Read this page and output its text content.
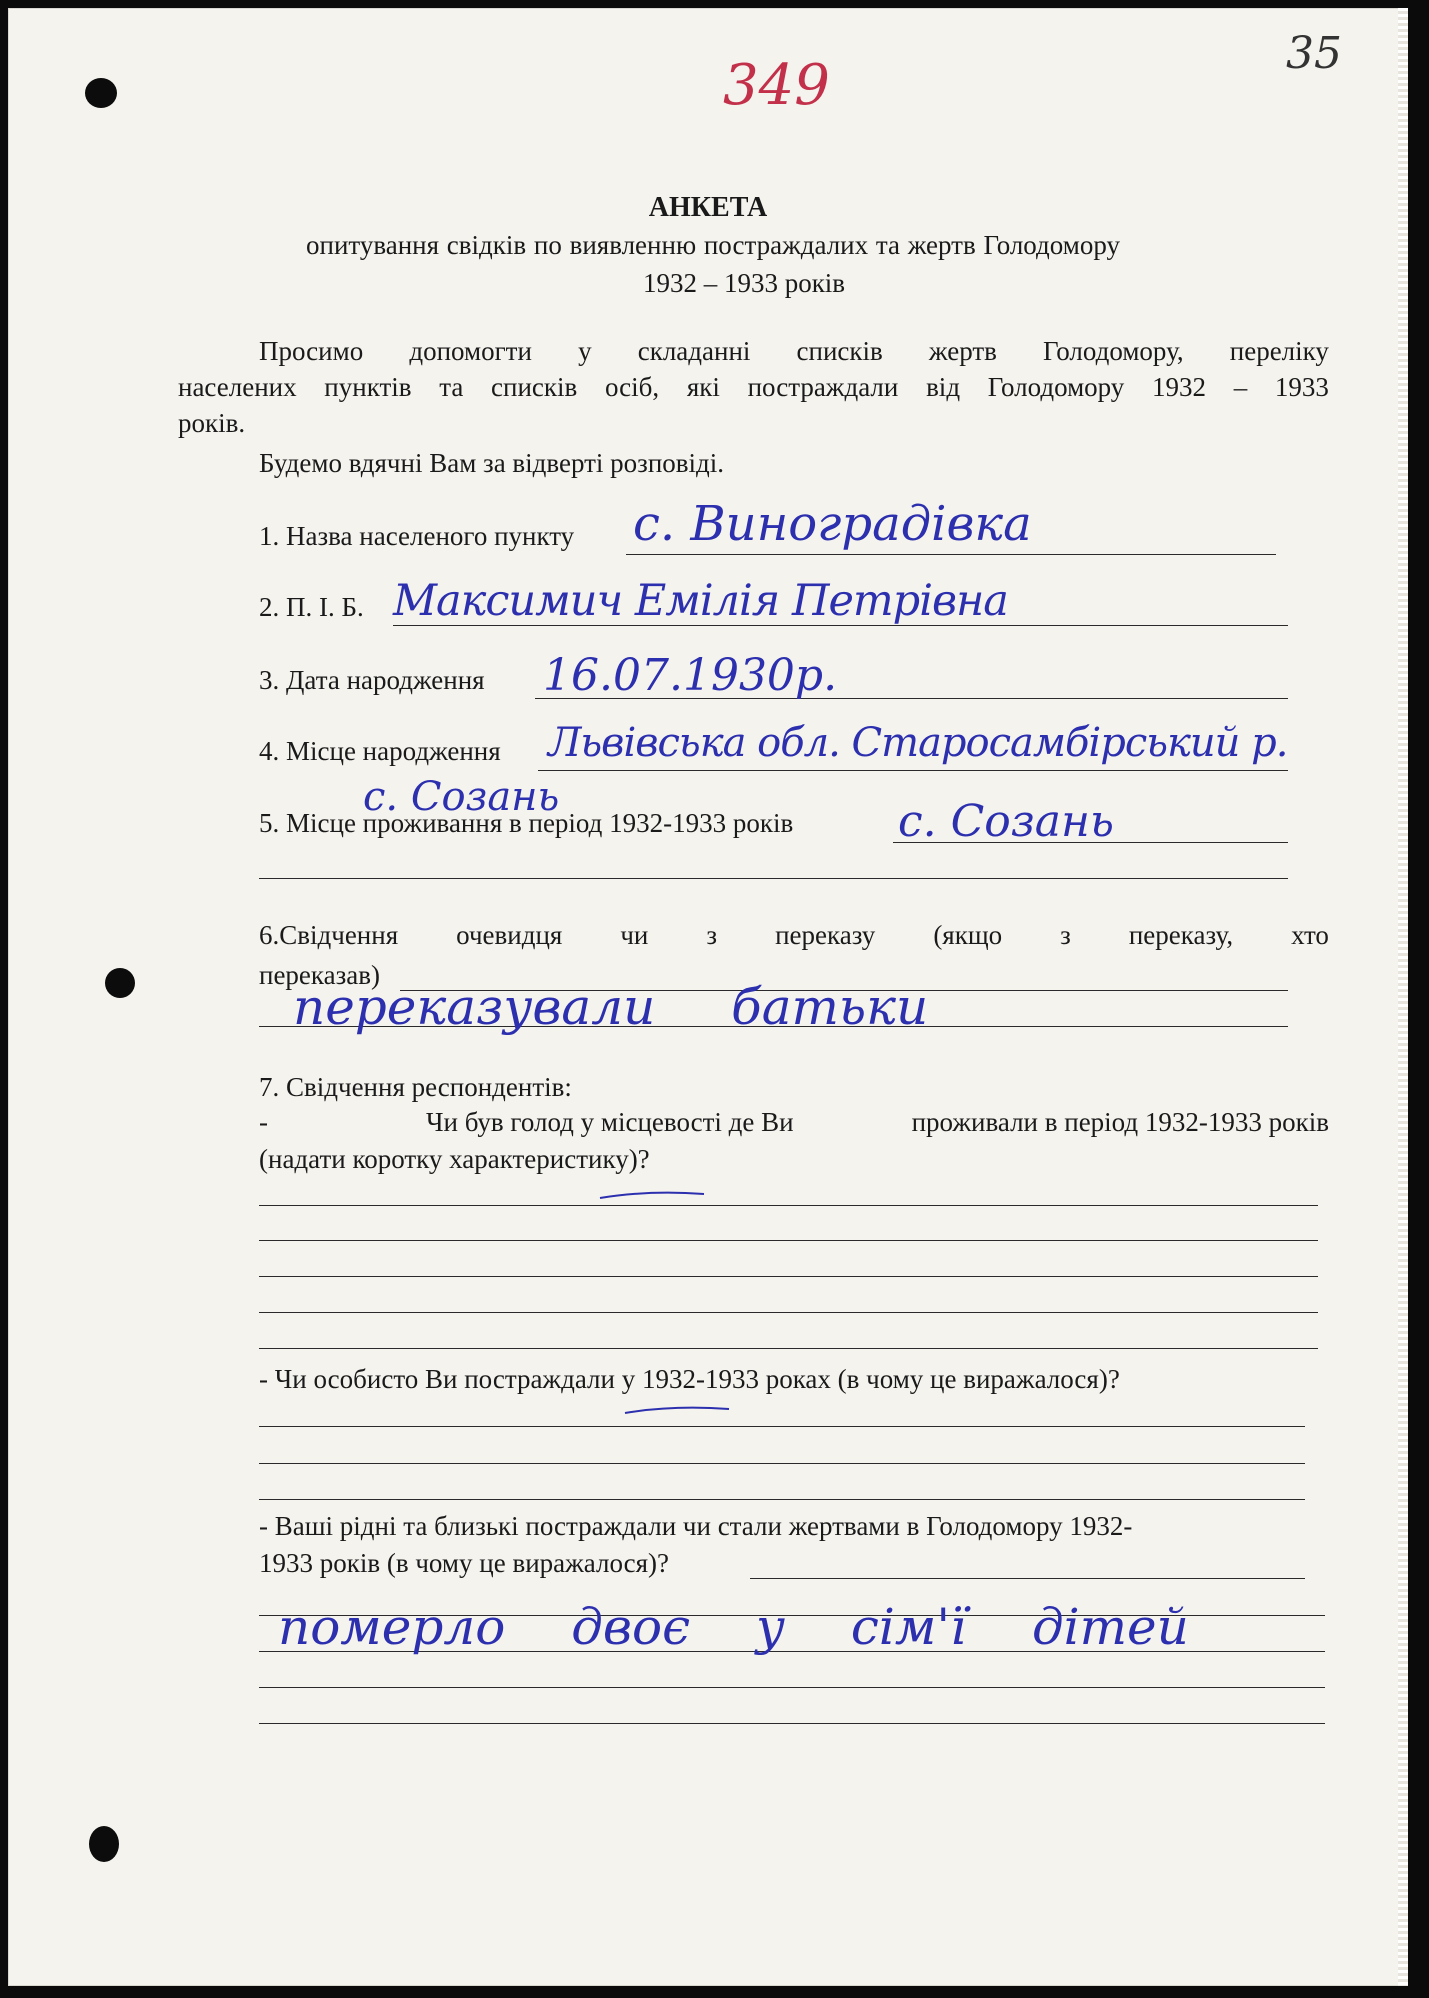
349	35
АНКЕТА
опитування свідків по виявленню постраждалих та жертв Голодомору
1932 – 1933 років
Просимо допомогти у складанні списків жертв Голодомору, переліку
населених пунктів та списків осіб, які постраждали від Голодомору 1932 – 1933
років.
Будемо вдячні Вам за відверті розповіді.
1. Назва населеного пункту с. Виноградівка
2. П. І. Б. Максимич Емілія Петрівна
3. Дата народження 16.07.1930р.
4. Місце народження Львівська обл. Старосамбірський р.
с. Созань
5. Місце проживання в період 1932-1933 років с. Созань
6.Свідчення очевидця чи з переказу (якщо з переказу, хто
переказав)
переказували батьки
7. Свідчення респондентів:
-	Чи був голод у місцевості де Ви	проживали в період 1932-1933 років
(надати коротку характеристику)?
- Чи особисто Ви постраждали у 1932-1933 роках (в чому це виражалося)?
- Ваші рідні та близькі постраждали чи стали жертвами в Голодомору 1932-
1933 років (в чому це виражалося)?
померло двоє у сім'ї дітей
